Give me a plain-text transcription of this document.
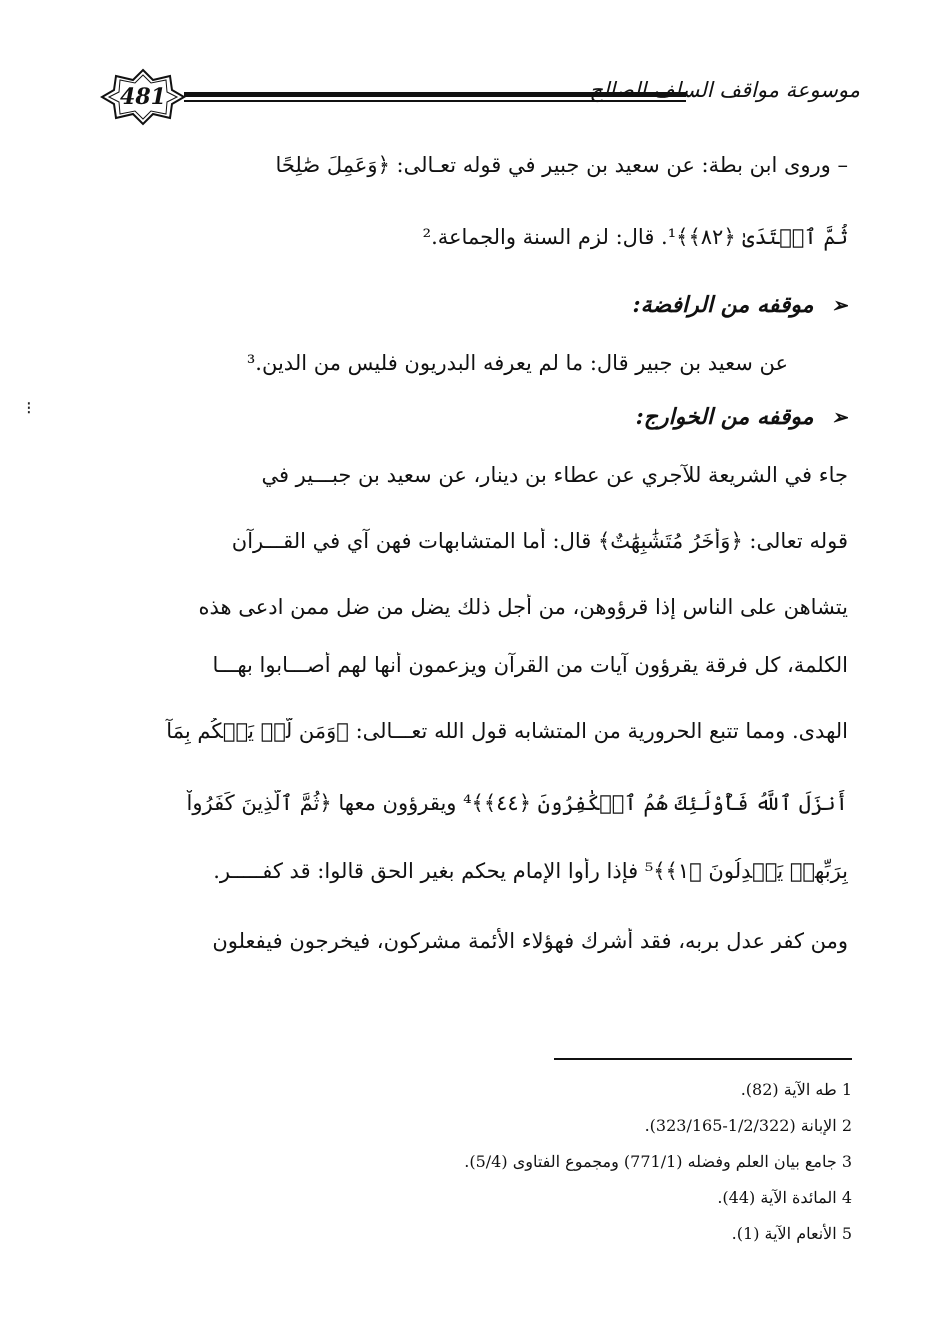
481	موسوعة مواقف السلف الصالح
– وروى ابن بطة: عن سعيد بن جبير في قوله تعـالى: ﴿وَعَمِلَ صَٰلِحًا
ثُمَّ ٱهۡتَدَىٰ ﴿٨٢﴾﴾¹. قال: لزم السنة والجماعة.²
➢ موقفه من الرافضة:
عن سعيد بن جبير قال: ما لم يعرفه البدريون فليس من الدين.³
➢ موقفه من الخوارج:
جاء في الشريعة للآجري عن عطاء بن دينار، عن سعيد بن جبـــير في
قوله تعالى: ﴿وَأُخَرُ مُتَشَٰبِهَٰتٌ﴾ قال: أما المتشابهات فهن آي في القـــرآن
يتشاهن على الناس إذا قرؤوهن، من أجل ذلك يضل من ضل ممن ادعى هذه
الكلمة، كل فرقة يقرؤون آيات من القرآن ويزعمون أنها لهم أصـــابوا بهـــا
الهدى. ومما تتبع الحرورية من المتشابه قول الله تعـــالى: ﴿وَمَن لَّمۡ يَحۡكُم بِمَآ
أَنزَلَ ٱللَّهُ فَأُوْلَٰٓئِكَ هُمُ ٱلۡكَٰفِرُونَ ﴿٤٤﴾﴾⁴ ويقرؤون معها ﴿ثُمَّ ٱلَّذِينَ كَفَرُواْ
بِرَبِّهِمۡ يَعۡدِلُونَ ﴿١﴾﴾⁵ فإذا رأوا الإمام يحكم بغير الحق قالوا: قد كفـــــر.
ومن كفر عدل بربه، فقد أشرك فهؤلاء الأئمة مشركون، فيخرجون فيفعلون
⁝
1 طه الآية (82).
2 الإبانة (1/2/322-323/165).
3 جامع بيان العلم وفضله (771/1) ومجموع الفتاوى (5/4).
4 المائدة الآية (44).
5 الأنعام الآية (1).
